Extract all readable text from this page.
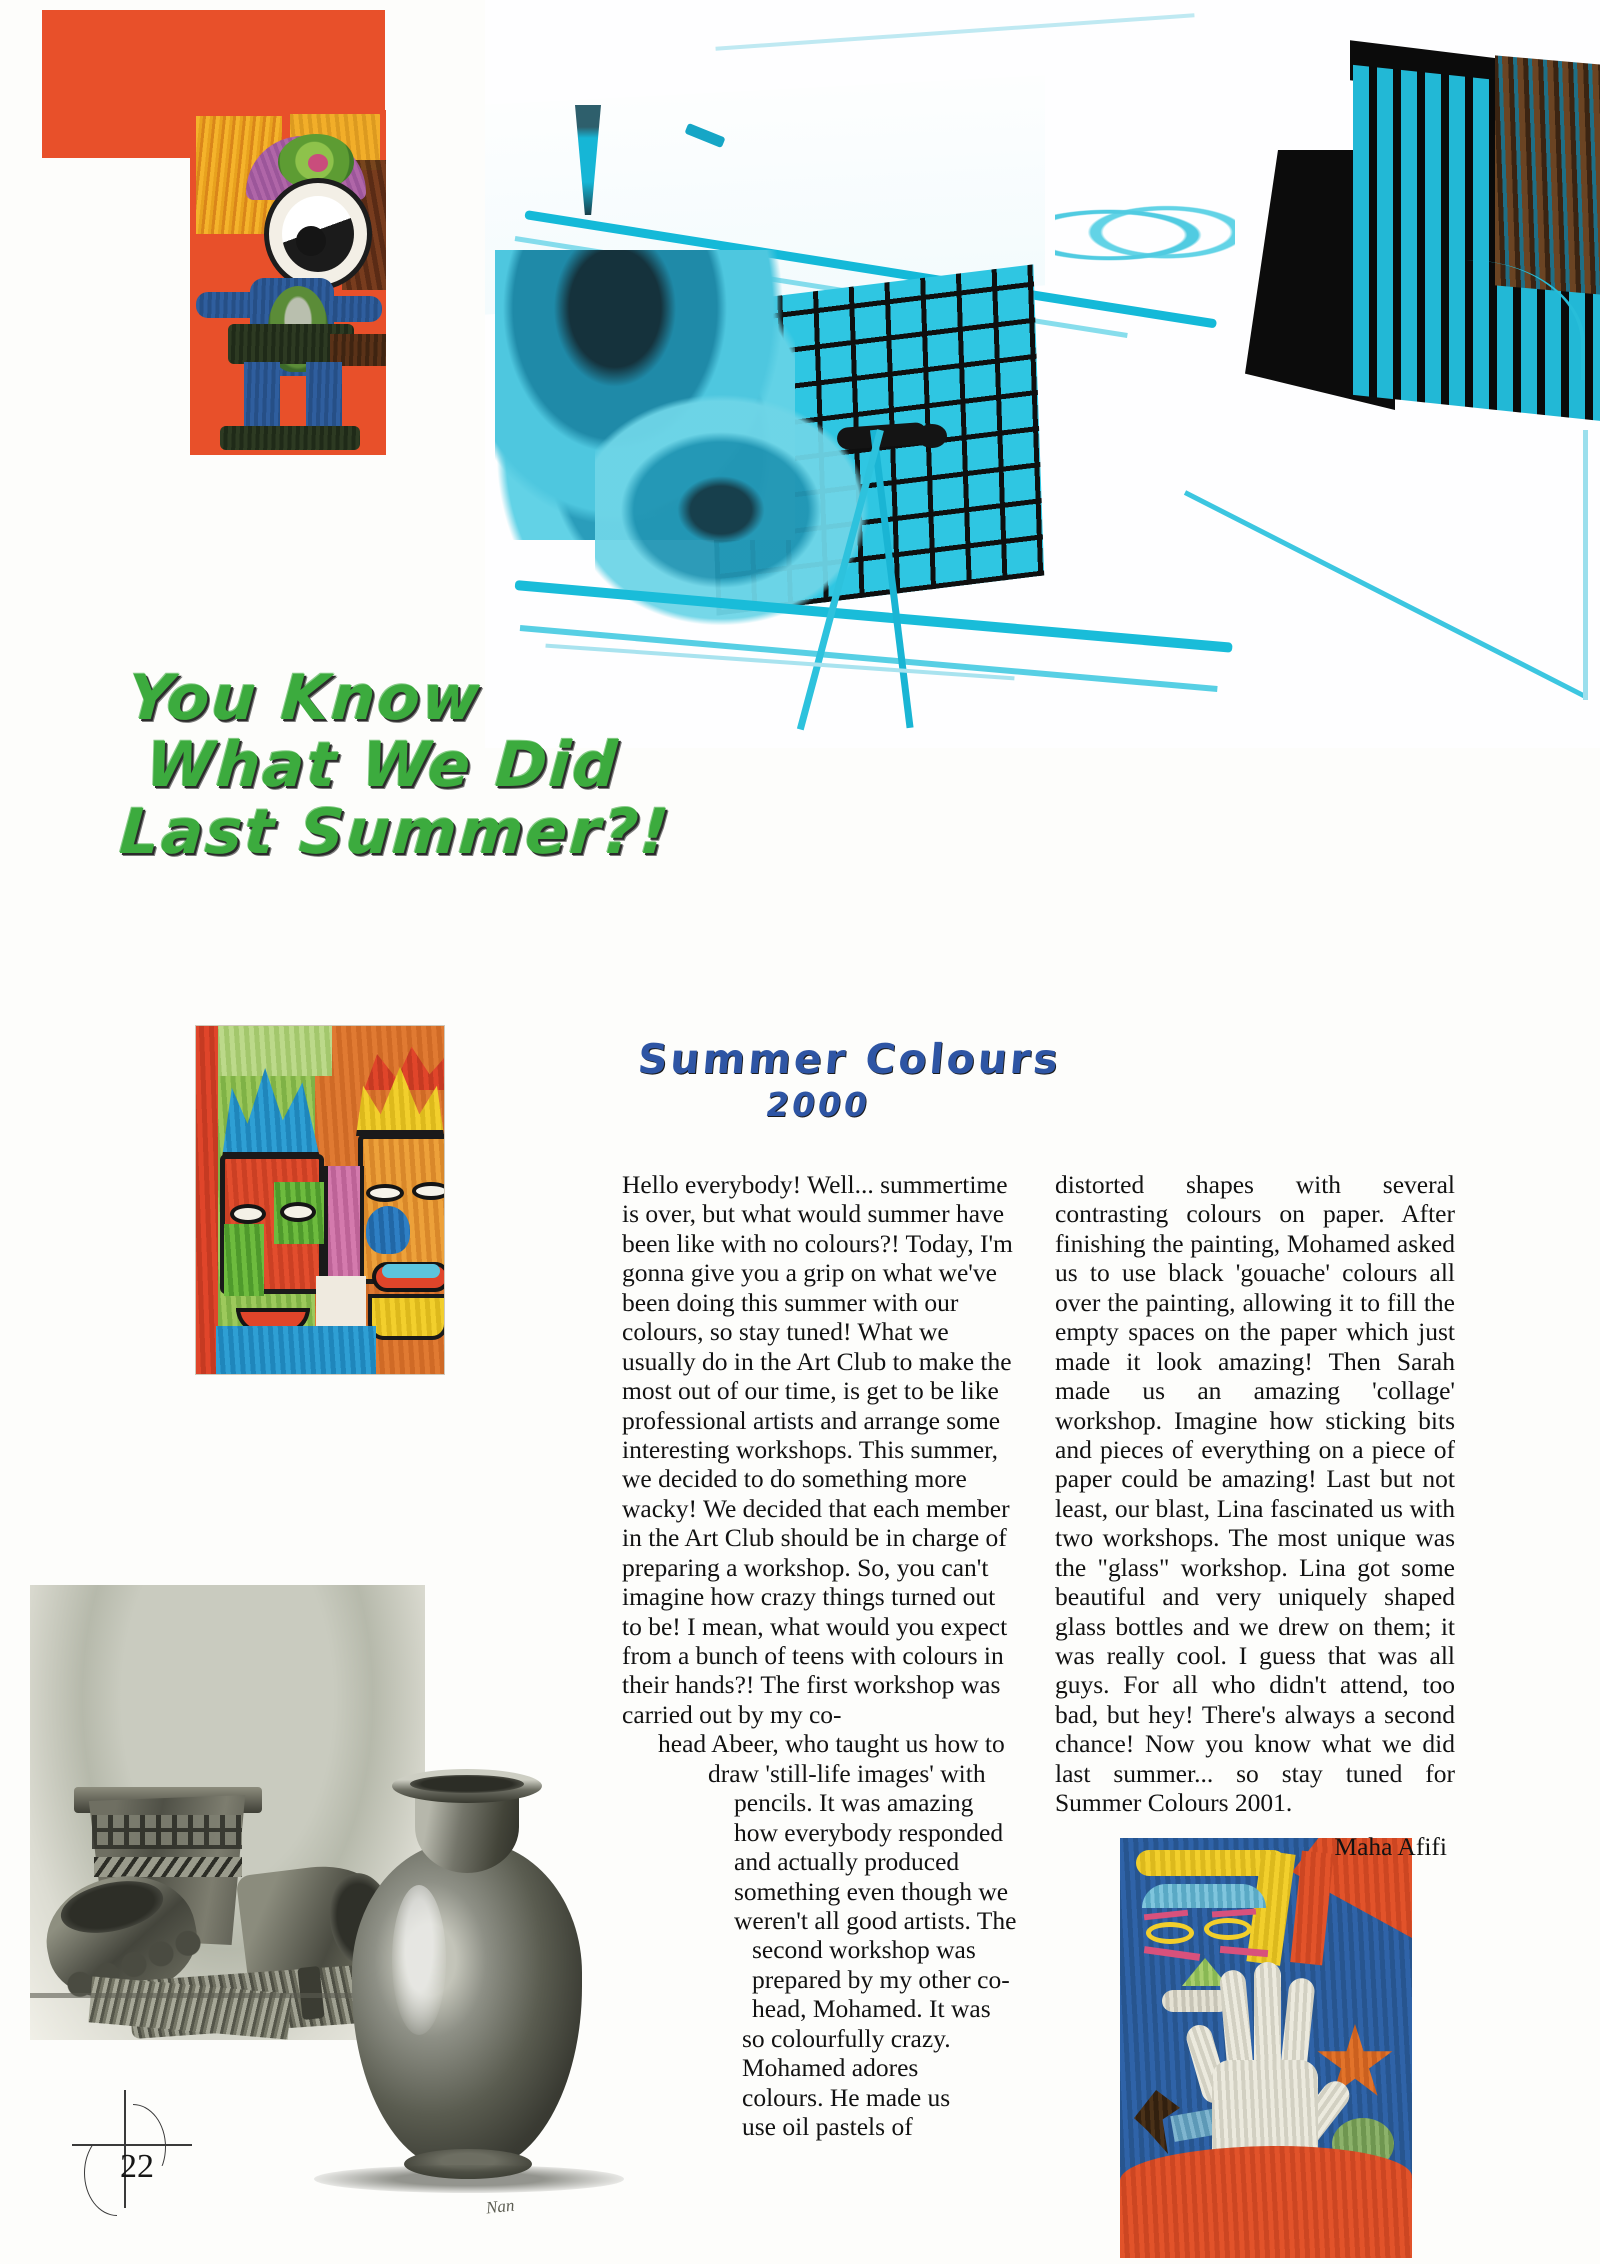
You Know
What We Did
Last Summer?!
Summer Colours
2000
Nan
Hello everybody! Well... summertime is over, but what would summer have been like with no colours?! Today, I'm gonna give you a grip on what we've been doing this summer with our colours, so stay tuned! What we usually do in the Art Club to make the most out of our time, is get to be like professional artists and arrange some interesting workshops. This summer, we decided to do something more wacky! We decided that each member in the Art Club should be in charge of preparing a workshop. So, you can't imagine how crazy things turned out to be! I mean, what would you expect from a bunch of teens with colours in their hands?! The first workshop was carried out by my co-
head Abeer, who taught us how to
draw 'still-life images' with
pencils. It was amazing
how everybody responded
and actually produced
something even though we
weren't all good artists. The
second workshop was
prepared by my other co-
head, Mohamed. It was
so colourfully crazy.
Mohamed adores
colours. He made us
use oil pastels of
distorted shapes with several contrasting colours on paper. After finishing the painting, Mohamed asked us to use black 'gouache' colours all over the painting, allowing it to fill the empty spaces on the paper which just made it look amazing! Then Sarah made us an amazing 'collage' workshop. Imagine how sticking bits and pieces of everything on a piece of paper could be amazing! Last but not least, our blast, Lina fascinated us with two workshops. The most unique was the "glass" workshop. Lina got some beautiful and very uniquely shaped glass bottles and we drew on them; it was really cool. I guess that was all guys. For all who didn't attend, too bad, but hey! There's always a second chance! Now you know what we did last summer... so stay tuned for Summer Colours 2001.
Maha Afifi
22
